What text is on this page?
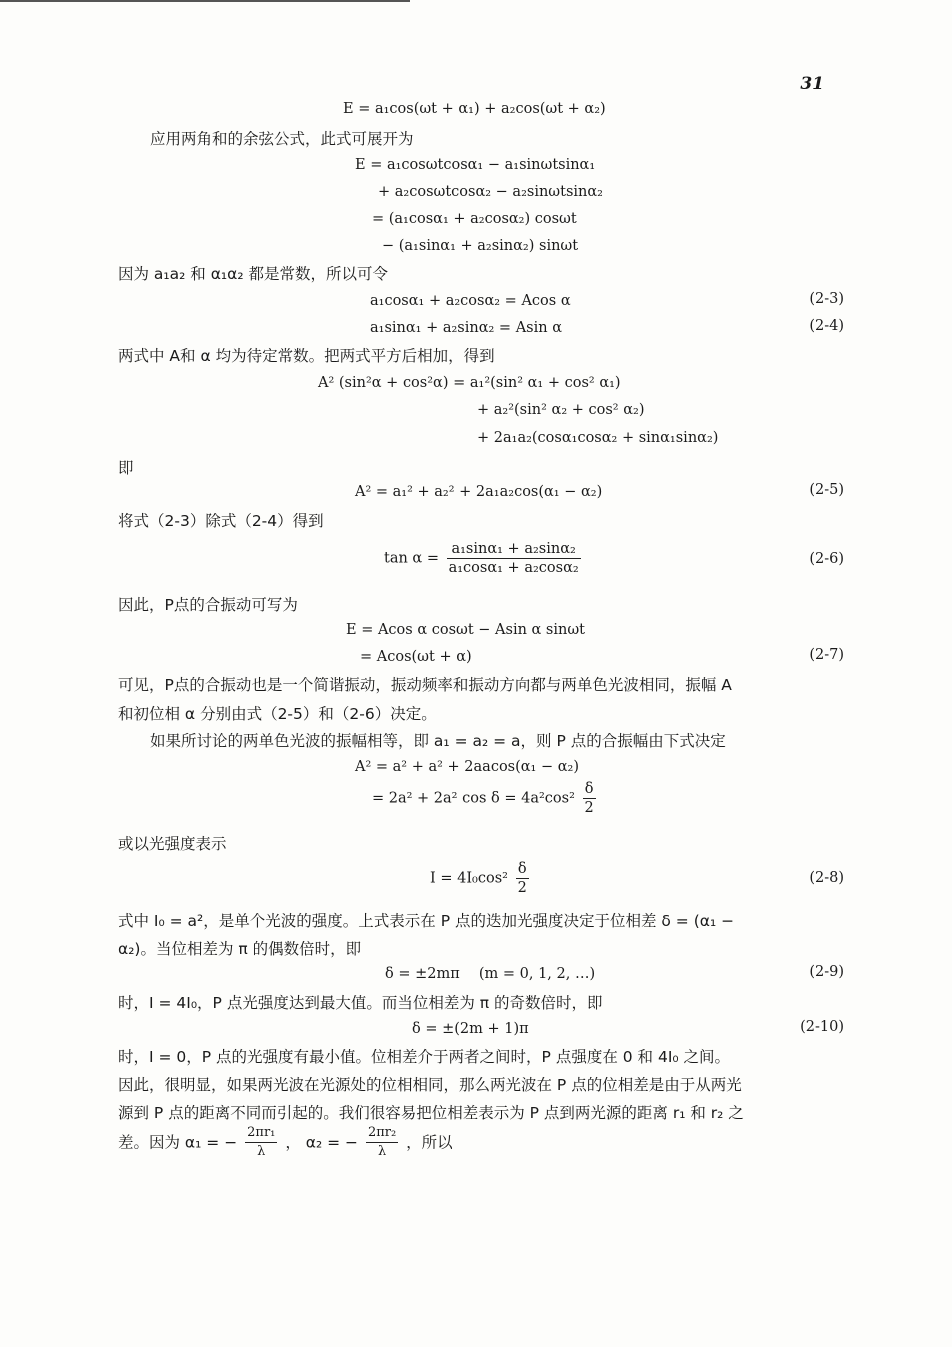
31
E = a₁cos(ωt + α₁) + a₂cos(ωt + α₂)
应用两角和的余弦公式，此式可展开为
E = a₁cosωtcosα₁ − a₁sinωtsinα₁
+ a₂cosωtcosα₂ − a₂sinωtsinα₂
= (a₁cosα₁ + a₂cosα₂) cosωt
− (a₁sinα₁ + a₂sinα₂) sinωt
因为 a₁a₂ 和 α₁α₂ 都是常数，所以可令
a₁cosα₁ + a₂cosα₂ = Acos α	(2-3)
a₁sinα₁ + a₂sinα₂ = Asin α	(2-4)
两式中 A和 α 均为待定常数。把两式平方后相加，得到
A² (sin²α + cos²α) = a₁²(sin² α₁ + cos² α₁)
+ a₂²(sin² α₂ + cos² α₂)
+ 2a₁a₂(cosα₁cosα₂ + sinα₁sinα₂)
即
A² = a₁² + a₂² + 2a₁a₂cos(α₁ − α₂)	(2-5)
将式（2-3）除式（2-4）得到
$\tan \alpha = \frac{\text{a₁sinα₁ + a₂sinα₂}}{\text{a₁cosα₁ + a₂cosα₂}}$	(2-6)
因此，P点的合振动可写为
E = Acos α cosωt − Asin α sinωt
= Acos(ωt + α)	(2-7)
可见，P点的合振动也是一个简谐振动，振动频率和振动方向都与两单色光波相同，振幅 A
和初位相 α 分别由式（2-5）和（2-6）决定。
如果所讨论的两单色光波的振幅相等，即 a₁ = a₂ = a，则 P 点的合振幅由下式决定
A² = a² + a² + 2aacos(α₁ − α₂)
= 2a² + 2a² $\cos \delta = 4a^2\cos^2 \frac{\delta}{2}$
或以光强度表示
$I = 4I_0\cos^2 \frac{\delta}{2}$	(2-8)
式中 I₀ = a²，是单个光波的强度。上式表示在 P 点的迭加光强度决定于位相差 δ = (α₁ −
α₂)。当位相差为 π 的偶数倍时，即
δ = ±2mπ　 (m = 0, 1, 2, …)	(2-9)
时，I = 4I₀，P 点光强度达到最大值。而当位相差为 π 的奇数倍时，即
δ = ±(2m + 1)π	(2-10)
时，I = 0，P 点的光强度有最小值。位相差介于两者之间时，P 点强度在 0 和 4I₀ 之间。
因此，很明显，如果两光波在光源处的位相相同，那么两光波在 P 点的位相差是由于从两光
源到 P 点的距离不同而引起的。我们很容易把位相差表示为 P 点到两光源的距离 r₁ 和 r₂ 之
差。因为 α₁ = − $\frac{\text{2πr₁}}{\lambda}$ ， α₂ = − $\frac{\text{2πr₂}}{\lambda}$ ，所以
